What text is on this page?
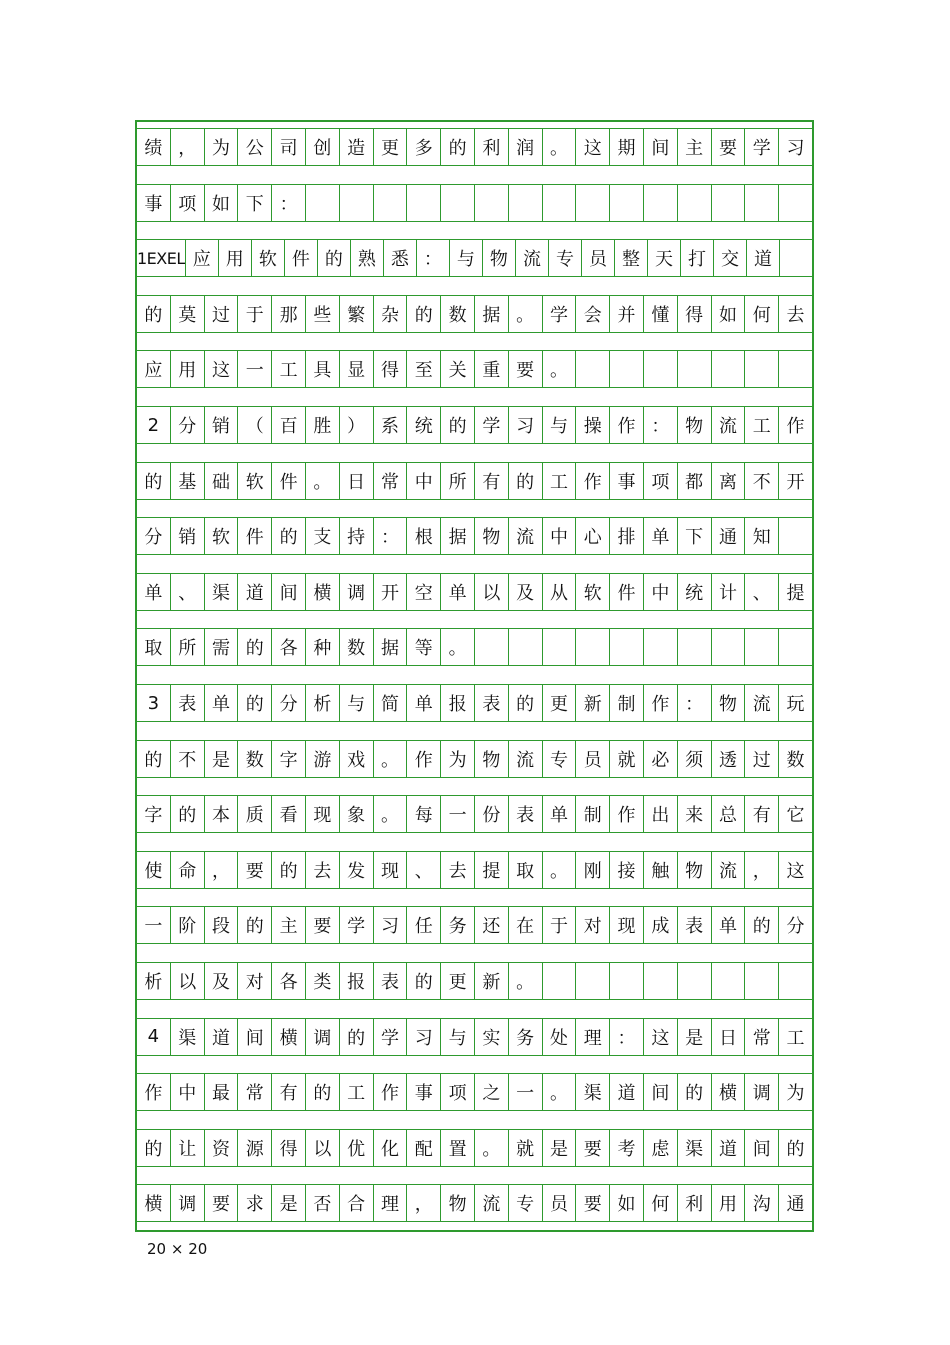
绩 ， 为 公 司 创 造 更 多 的 利 润 。 这 期 间 主 要 学 习
事 项 如 下 ：
1EXEL 应 用 软 件 的 熟 悉 ： 与 物 流 专 员 整 天 打 交 道
的 莫 过 于 那 些 繁 杂 的 数 据 。 学 会 并 懂 得 如 何 去
应 用 这 一 工 具 显 得 至 关 重 要 。
2	分 销 （ 百 胜 ） 系 统 的 学 习 与 操 作 ： 物 流 工 作
的 基 础 软 件 。 日 常 中 所 有 的 工 作 事 项 都 离 不 开
分 销 软 件 的 支 持 ： 根 据 物 流 中 心 排 单 下 通 知
单 、 渠 道 间 横 调 开 空 单 以 及 从 软 件 中 统 计 、 提
取 所 需 的 各 种 数 据 等 。
3	表 单 的 分 析 与 简 单 报 表 的 更 新 制 作 ： 物 流 玩
的 不 是 数 字 游 戏 。 作 为 物 流 专 员 就 必 须 透 过 数
字 的 本 质 看 现 象 。 每 一 份 表 单 制 作 出 来 总 有 它
使 命 ， 要 的 去 发 现 、 去 提 取 。 刚 接 触 物 流 ， 这
一 阶 段 的 主 要 学 习 任 务 还 在 于 对 现 成 表 单 的 分
析 以 及 对 各 类 报 表 的 更 新 。
4	渠 道 间 横 调 的 学 习 与 实 务 处 理 ： 这 是 日 常 工
作 中 最 常 有 的 工 作 事 项 之 一 。 渠 道 间 的 横 调 为
的 让 资 源 得 以 优 化 配 置 。 就 是 要 考 虑 渠 道 间 的
横 调 要 求 是 否 合 理 ， 物 流 专 员 要 如 何 利 用 沟 通
20 × 20
